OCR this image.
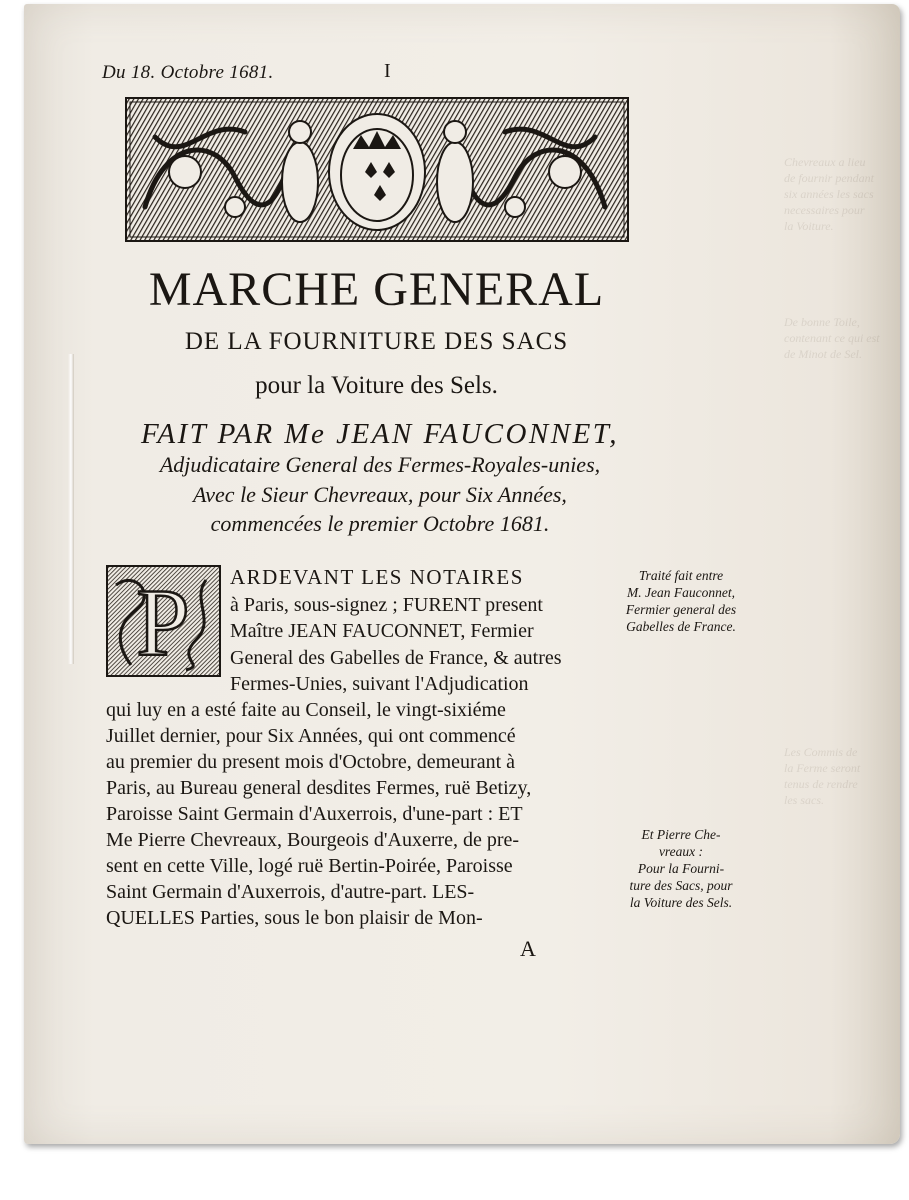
Chevreaux a lieu
de fournir pendant
six années les sacs
necessaires pour
la Voiture.
De bonne Toile,
contenant ce qui est
de Minot de Sel.
Les Commis de
la Ferme seront
tenus de rendre
les sacs.
Du 18. Octobre 1681.	I
MARCHE GENERAL
DE LA FOURNITURE DES SACS
pour la Voiture des Sels.
FAIT PAR Me JEAN FAUCONNET,
Adjudicataire General des Fermes-Royales-unies,
Avec le Sieur Chevreaux, pour Six Années,
commencées le premier Octobre 1681.
P ARDEVANT LES NOTAIRES
à Paris, sous-signez ; FURENT present
Maître JEAN FAUCONNET, Fermier
General des Gabelles de France, & autres
Fermes-Unies, suivant l'Adjudication
qui luy en a esté faite au Conseil, le vingt-sixiéme
Juillet dernier, pour Six Années, qui ont commencé
au premier du present mois d'Octobre, demeurant à
Paris, au Bureau general desdites Fermes, ruë Betizy,
Paroisse Saint Germain d'Auxerrois, d'une-part : ET
Me Pierre Chevreaux, Bourgeois d'Auxerre, de pre-
sent en cette Ville, logé ruë Bertin-Poirée, Paroisse
Saint Germain d'Auxerrois, d'autre-part. LES-
QUELLES Parties, sous le bon plaisir de Mon-
Traité fait entre
M. Jean Fauconnet,
Fermier general des
Gabelles de France.
Et Pierre Che-
vreaux :
Pour la Fourni-
ture des Sacs, pour
la Voiture des Sels.
A
